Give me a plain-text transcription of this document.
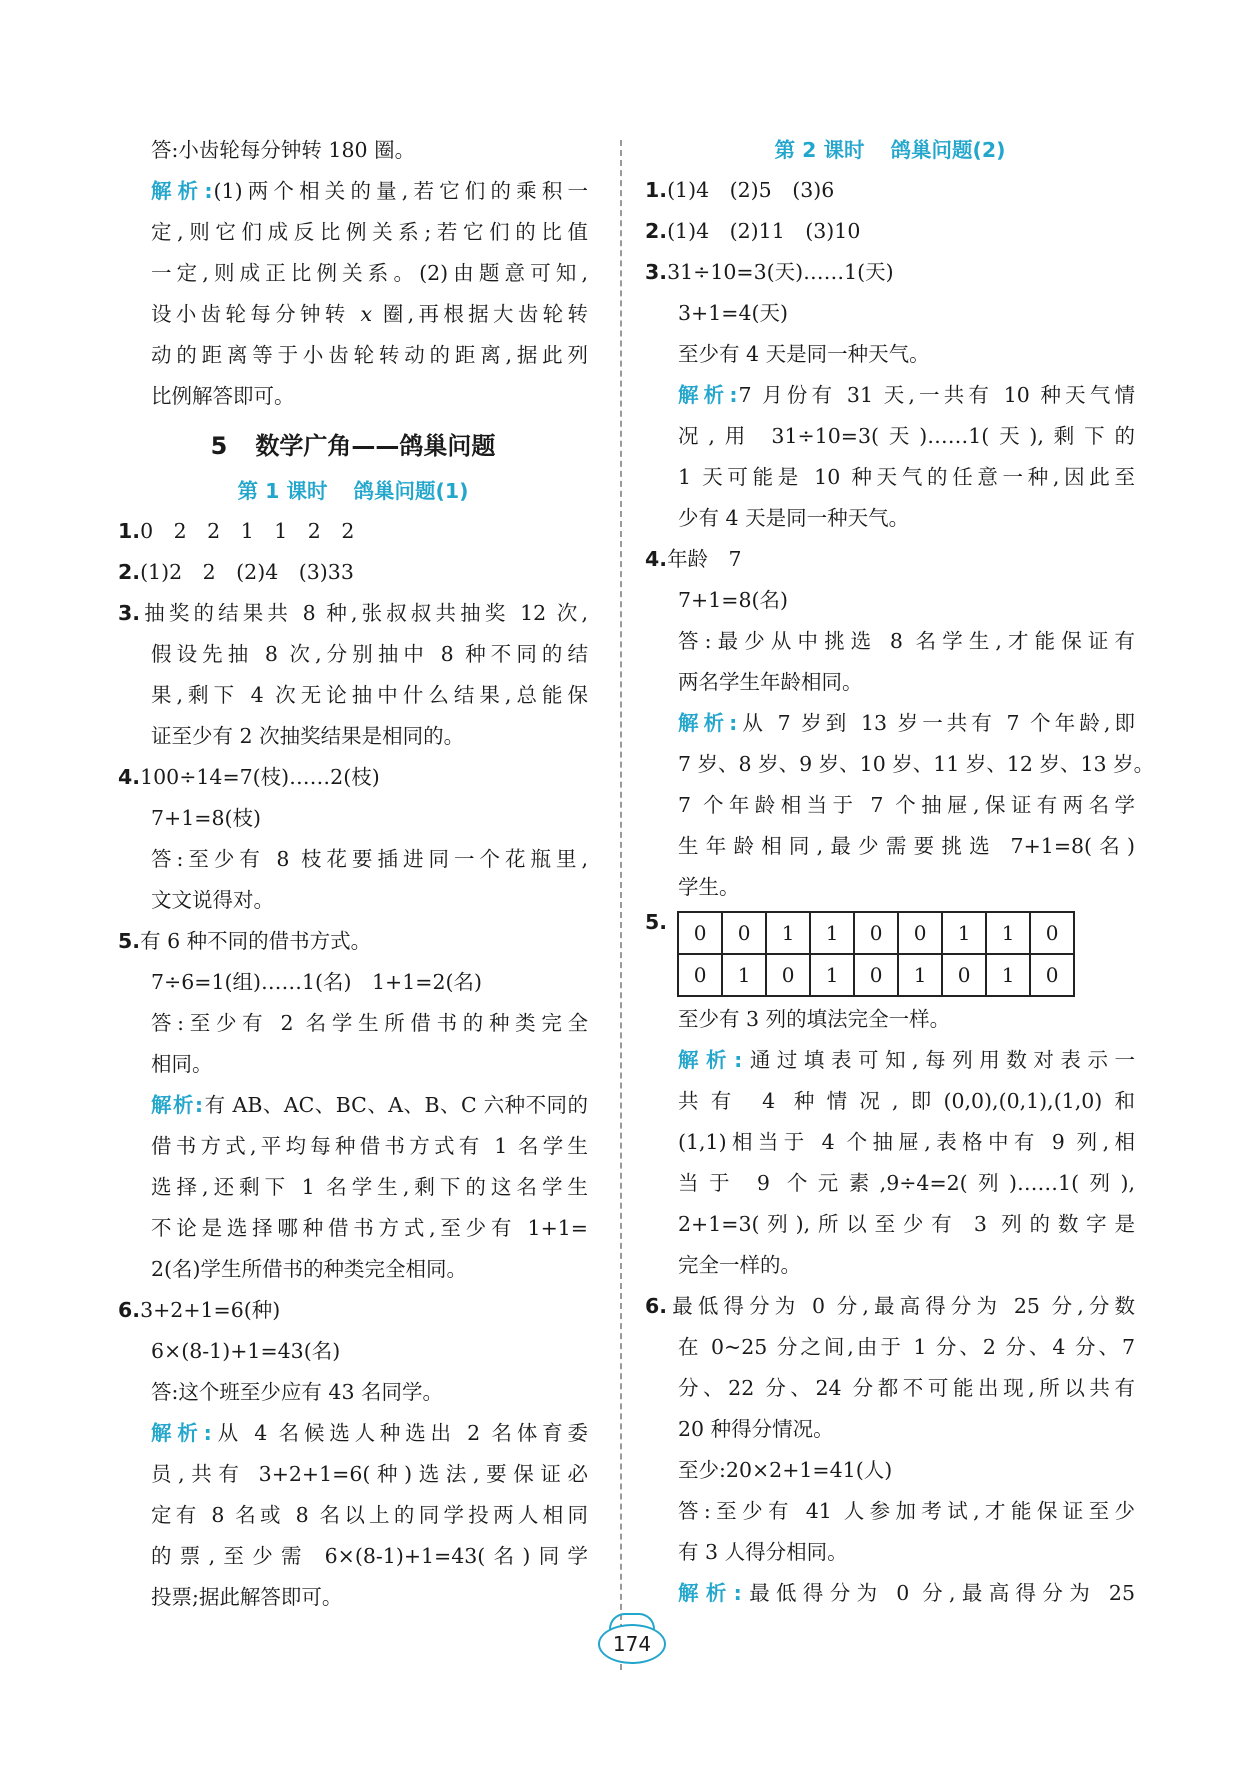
答:小齿轮每分钟转 180 圈。
解析:(1)两个相关的量,若它们的乘积一
定,则它们成反比例关系;若它们的比值
一定,则成正比例关系。(2)由题意可知,
设小齿轮每分钟转 x 圈,再根据大齿轮转
动的距离等于小齿轮转动的距离,据此列
比例解答即可。
5 数学广角——鸽巢问题
第 1 课时 鸽巢问题(1)
1.0　2　2　1　1　2　2
2.(1)2　2　(2)4　(3)33
3.抽奖的结果共 8 种,张叔叔共抽奖 12 次,
假设先抽 8 次,分别抽中 8 种不同的结
果,剩下 4 次无论抽中什么结果,总能保
证至少有 2 次抽奖结果是相同的。
4.100÷14=7(枝)……2(枝)
7+1=8(枝)
答:至少有 8 枝花要插进同一个花瓶里,
文文说得对。
5.有 6 种不同的借书方式。
7÷6=1(组)……1(名)　1+1=2(名)
答:至少有 2 名学生所借书的种类完全
相同。
解析:有 AB、AC、BC、A、B、C 六种不同的
借书方式,平均每种借书方式有 1 名学生
选择,还剩下 1 名学生,剩下的这名学生
不论是选择哪种借书方式,至少有 1+1=
2(名)学生所借书的种类完全相同。
6.3+2+1=6(种)
6×(8-1)+1=43(名)
答:这个班至少应有 43 名同学。
解析:从 4 名候选人种选出 2 名体育委
员,共有 3+2+1=6(种)选法,要保证必
定有 8 名或 8 名以上的同学投两人相同
的票,至少需 6×(8-1)+1=43(名)同学
投票;据此解答即可。
第 2 课时 鸽巢问题(2)
1.(1)4　(2)5　(3)6
2.(1)4　(2)11　(3)10
3.31÷10=3(天)……1(天)
3+1=4(天)
至少有 4 天是同一种天气。
解析:7 月份有 31 天,一共有 10 种天气情
况,用 31÷10=3(天)……1(天),剩下的
1 天可能是 10 种天气的任意一种,因此至
少有 4 天是同一种天气。
4.年龄　7
7+1=8(名)
答:最少从中挑选 8 名学生,才能保证有
两名学生年龄相同。
解析:从 7 岁到 13 岁一共有 7 个年龄,即
7 岁、8 岁、9 岁、10 岁、11 岁、12 岁、13 岁。
7 个年龄相当于 7 个抽屉,保证有两名学
生年龄相同,最少需要挑选 7+1=8(名)
学生。
5. 0	0	1	1	0	0	1	1	0
0	1	0	1	0	1	0	1	0
至少有 3 列的填法完全一样。
解析:通过填表可知,每列用数对表示一
共有 4 种情况,即(0,0),(0,1),(1,0)和
(1,1)相当于 4 个抽屉,表格中有 9 列,相
当于 9 个元素,9÷4=2(列)……1(列),
2+1=3(列),所以至少有 3 列的数字是
完全一样的。
6.最低得分为 0 分,最高得分为 25 分,分数
在 0~25 分之间,由于 1 分、2 分、4 分、7
分、22 分、24 分都不可能出现,所以共有
20 种得分情况。
至少:20×2+1=41(人)
答:至少有 41 人参加考试,才能保证至少
有 3 人得分相同。
解析:最低得分为 0 分,最高得分为 25
174
